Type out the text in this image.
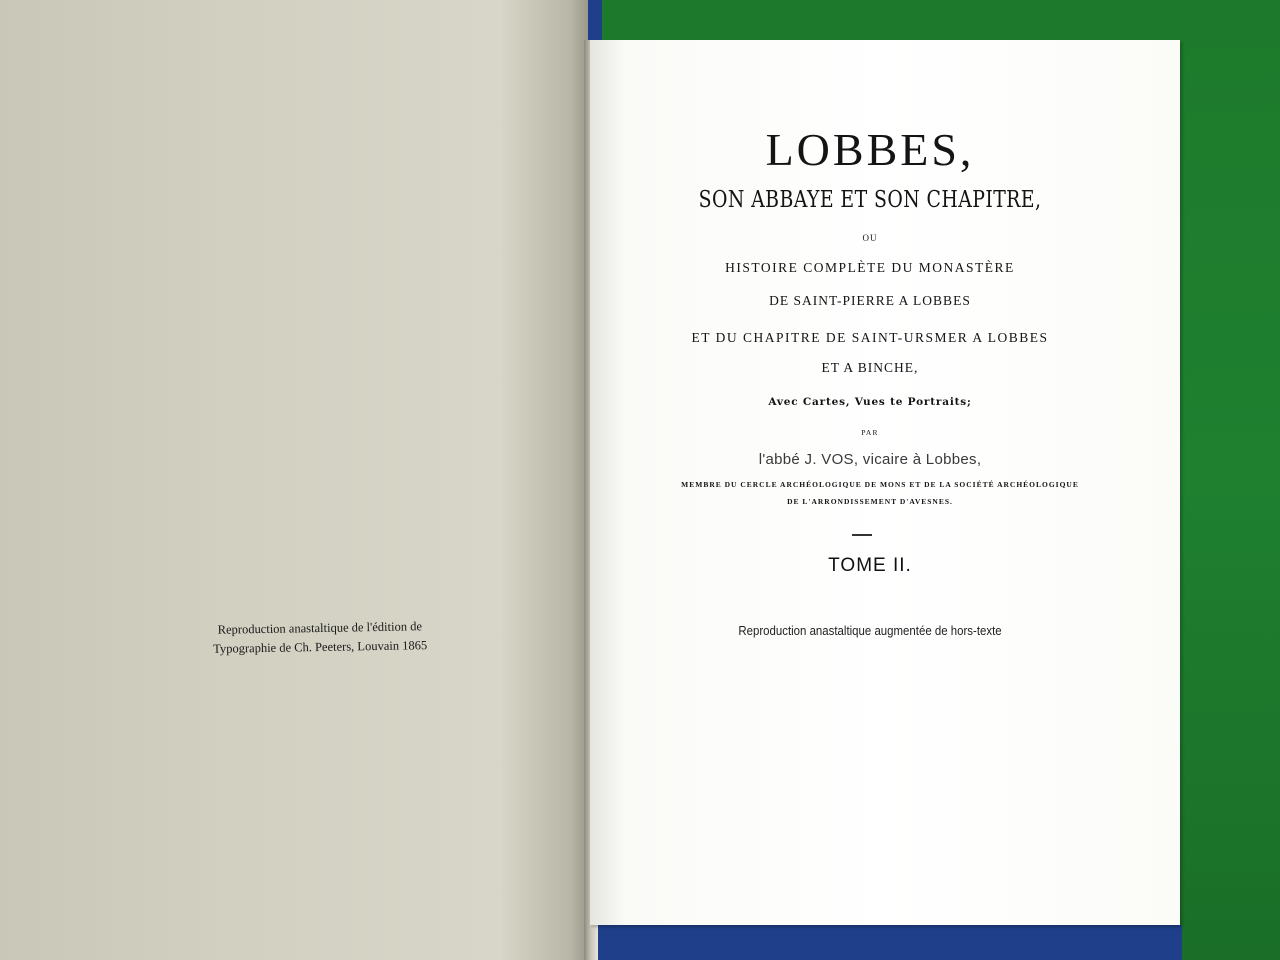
Reproduction anastaltique de l'édition de
Typographie de Ch. Peeters, Louvain 1865
LOBBES,
SON ABBAYE ET SON CHAPITRE,
OU
HISTOIRE COMPLÈTE DU MONASTÈRE
DE SAINT-PIERRE A LOBBES
ET DU CHAPITRE DE SAINT-URSMER A LOBBES
ET A BINCHE,
Avec Cartes, Vues te Portraits;
PAR
l'abbé J. VOS, vicaire à Lobbes,
MEMBRE DU CERCLE ARCHÉOLOGIQUE DE MONS ET DE LA SOCIÉTÉ ARCHÉOLOGIQUE
DE L'ARRONDISSEMENT D'AVESNES.
TOME II.
Reproduction anastaltique augmentée de hors-texte
